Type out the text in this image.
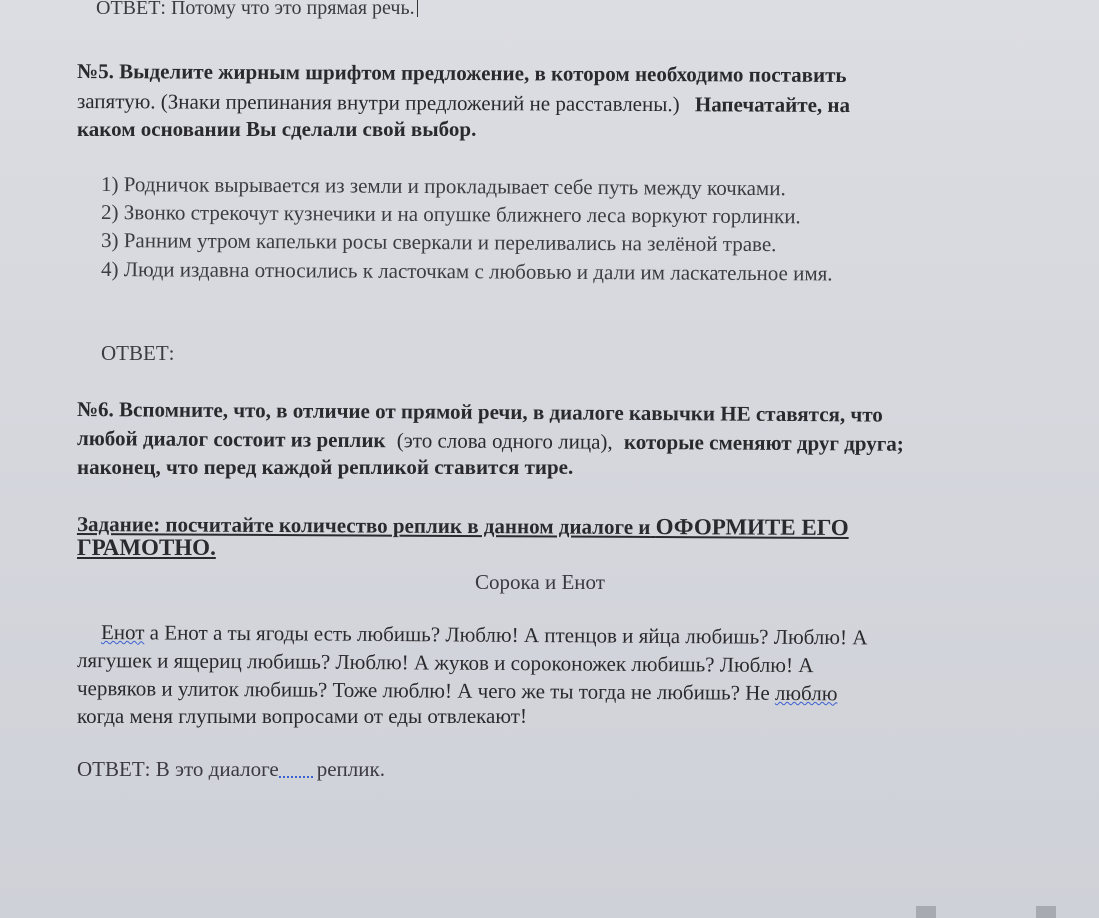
ОТВЕТ: Потому что это прямая речь.
№5. Выделите жирным шрифтом предложение, в котором необходимо поставить
запятую. (Знаки препинания внутри предложений не расставлены.) Напечатайте, на
каком основании Вы сделали свой выбор.
1) Родничок вырывается из земли и прокладывает себе путь между кочками.
2) Звонко стрекочут кузнечики и на опушке ближнего леса воркуют горлинки.
3) Ранним утром капельки росы сверкали и переливались на зелёной траве.
4) Люди издавна относились к ласточкам с любовью и дали им ласкательное имя.
ОТВЕТ:
№6. Вспомните, что, в отличие от прямой речи, в диалоге кавычки НЕ ставятся, что
любой диалог состоит из реплик (это слова одного лица), которые сменяют друг друга;
наконец, что перед каждой репликой ставится тире.
Задание: посчитайте количество реплик в данном диалоге и ОФОРМИТЕ ЕГО
ГРАМОТНО.
Сорока и Енот
Енот а Енот а ты ягоды есть любишь? Люблю! А птенцов и яйца любишь? Люблю! А
лягушек и ящериц любишь? Люблю! А жуков и сороконожек любишь? Люблю! А
червяков и улиток любишь? Тоже люблю! А чего же ты тогда не любишь? Не люблю
когда меня глупыми вопросами от еды отвлекают!
ОТВЕТ: В это диалоге реплик.
